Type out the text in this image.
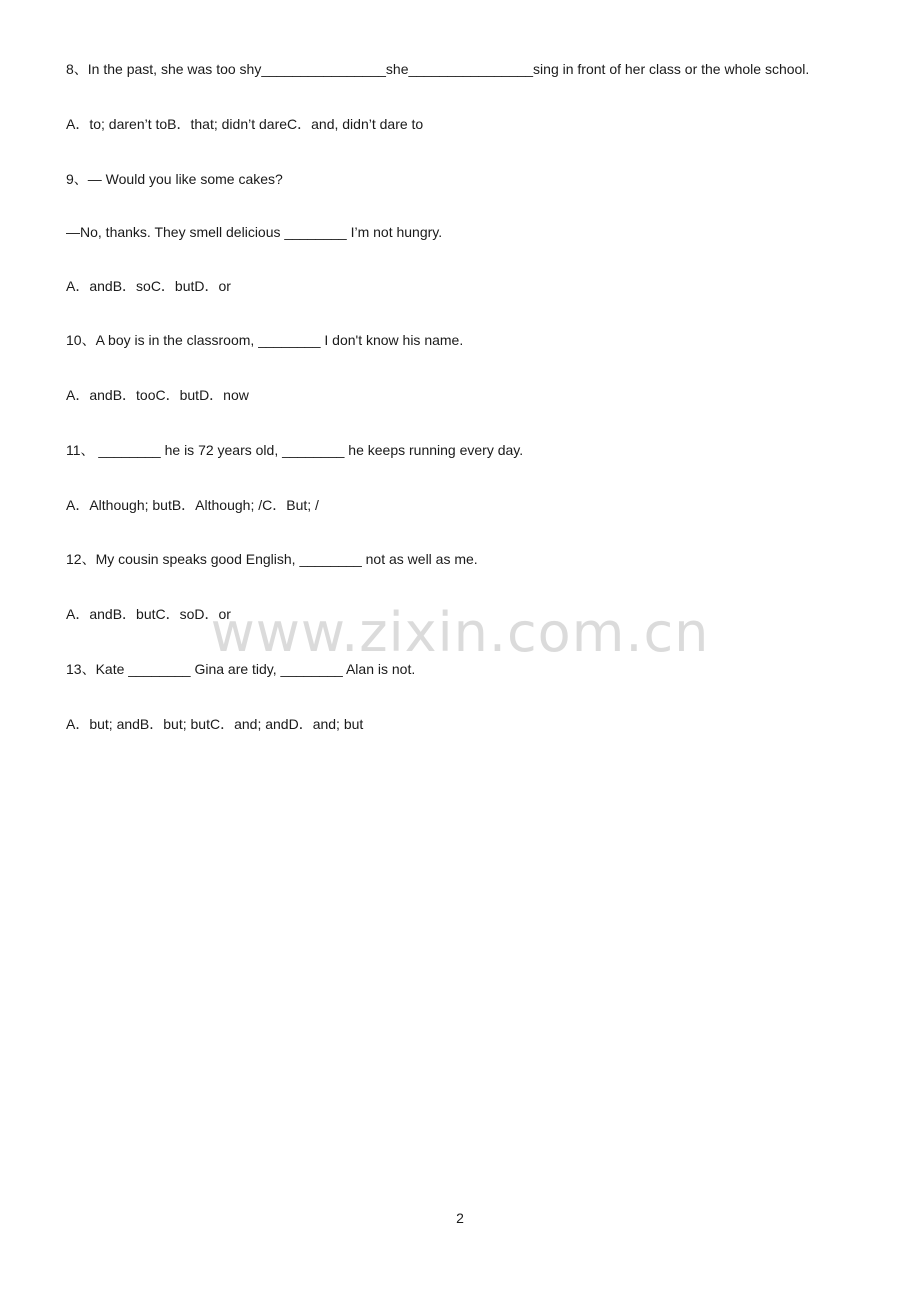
8、In the past, she was too shy________________she________________sing in front of her class or the whole school.
A．to; daren’t toB．that; didn’t dareC．and, didn’t dare to
9、— Would you like some cakes?
—No, thanks. They smell delicious ________ I’m not hungry.
A．andB．soC．butD．or
10、A boy is in the classroom, ________ I don't know his name.
A．andB．tooC．butD．now
11、 ________ he is 72 years old, ________ he keeps running every day.
A．Although; butB．Although; /C．But; /
12、My cousin speaks good English, ________ not as well as me.
A．andB．butC．soD．or
13、Kate ________ Gina are tidy, ________ Alan is not.
A．but; andB．but; butC．and; andD．and; but
www.zixin.com.cn
2
